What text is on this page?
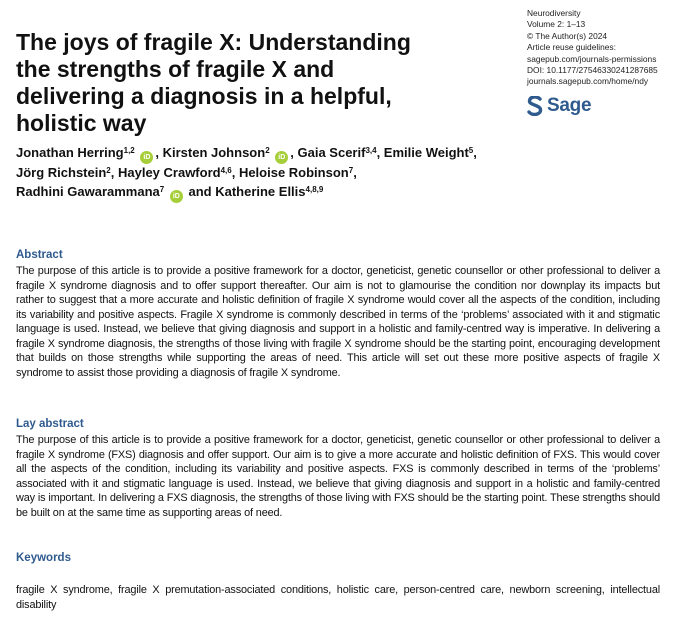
The joys of fragile X: Understanding the strengths of fragile X and delivering a diagnosis in a helpful, holistic way
Neurodiversity
Volume 2: 1–13
© The Author(s) 2024
Article reuse guidelines:
sagepub.com/journals-permissions
DOI: 10.1177/27546330241287685
journals.sagepub.com/home/ndy
Sage
Jonathan Herring$^{1,2}$ iD , Kirsten Johnson$^2$ iD , Gaia Scerif$^{3,4}$, Emilie Weight$^5$,
Jörg Richstein$^2$, Hayley Crawford$^{4,6}$, Heloise Robinson$^7$,
Radhini Gawarammana$^7$ iD and Katherine Ellis$^{4,8,9}$
Abstract
The purpose of this article is to provide a positive framework for a doctor, geneticist, genetic counsellor or other professional to deliver a fragile X syndrome diagnosis and to offer support thereafter. Our aim is not to glamourise the condition nor downplay its impacts but rather to suggest that a more accurate and holistic definition of fragile X syndrome would cover all the aspects of the condition, including its variability and positive aspects. Fragile X syndrome is commonly described in terms of the ‘problems’ associated with it and stigmatic language is used. Instead, we believe that giving diagnosis and support in a holistic and family-centred way is imperative. In delivering a fragile X syndrome diagnosis, the strengths of those living with fragile X syndrome should be the starting point, encouraging development that builds on those strengths while supporting the areas of need. This article will set out these more positive aspects of fragile X syndrome to assist those providing a diagnosis of fragile X syndrome.
Lay abstract
The purpose of this article is to provide a positive framework for a doctor, geneticist, genetic counsellor or other professional to deliver a fragile X syndrome (FXS) diagnosis and offer support. Our aim is to give a more accurate and holistic definition of FXS. This would cover all the aspects of the condition, including its variability and positive aspects. FXS is commonly described in terms of the ‘problems’ associated with it and stigmatic language is used. Instead, we believe that giving diagnosis and support in a holistic and family-centred way is important. In delivering a FXS diagnosis, the strengths of those living with FXS should be the starting point. These strengths should be built on at the same time as supporting areas of need.
Keywords
fragile X syndrome, fragile X premutation-associated conditions, holistic care, person-centred care, newborn screening, intellectual disability
